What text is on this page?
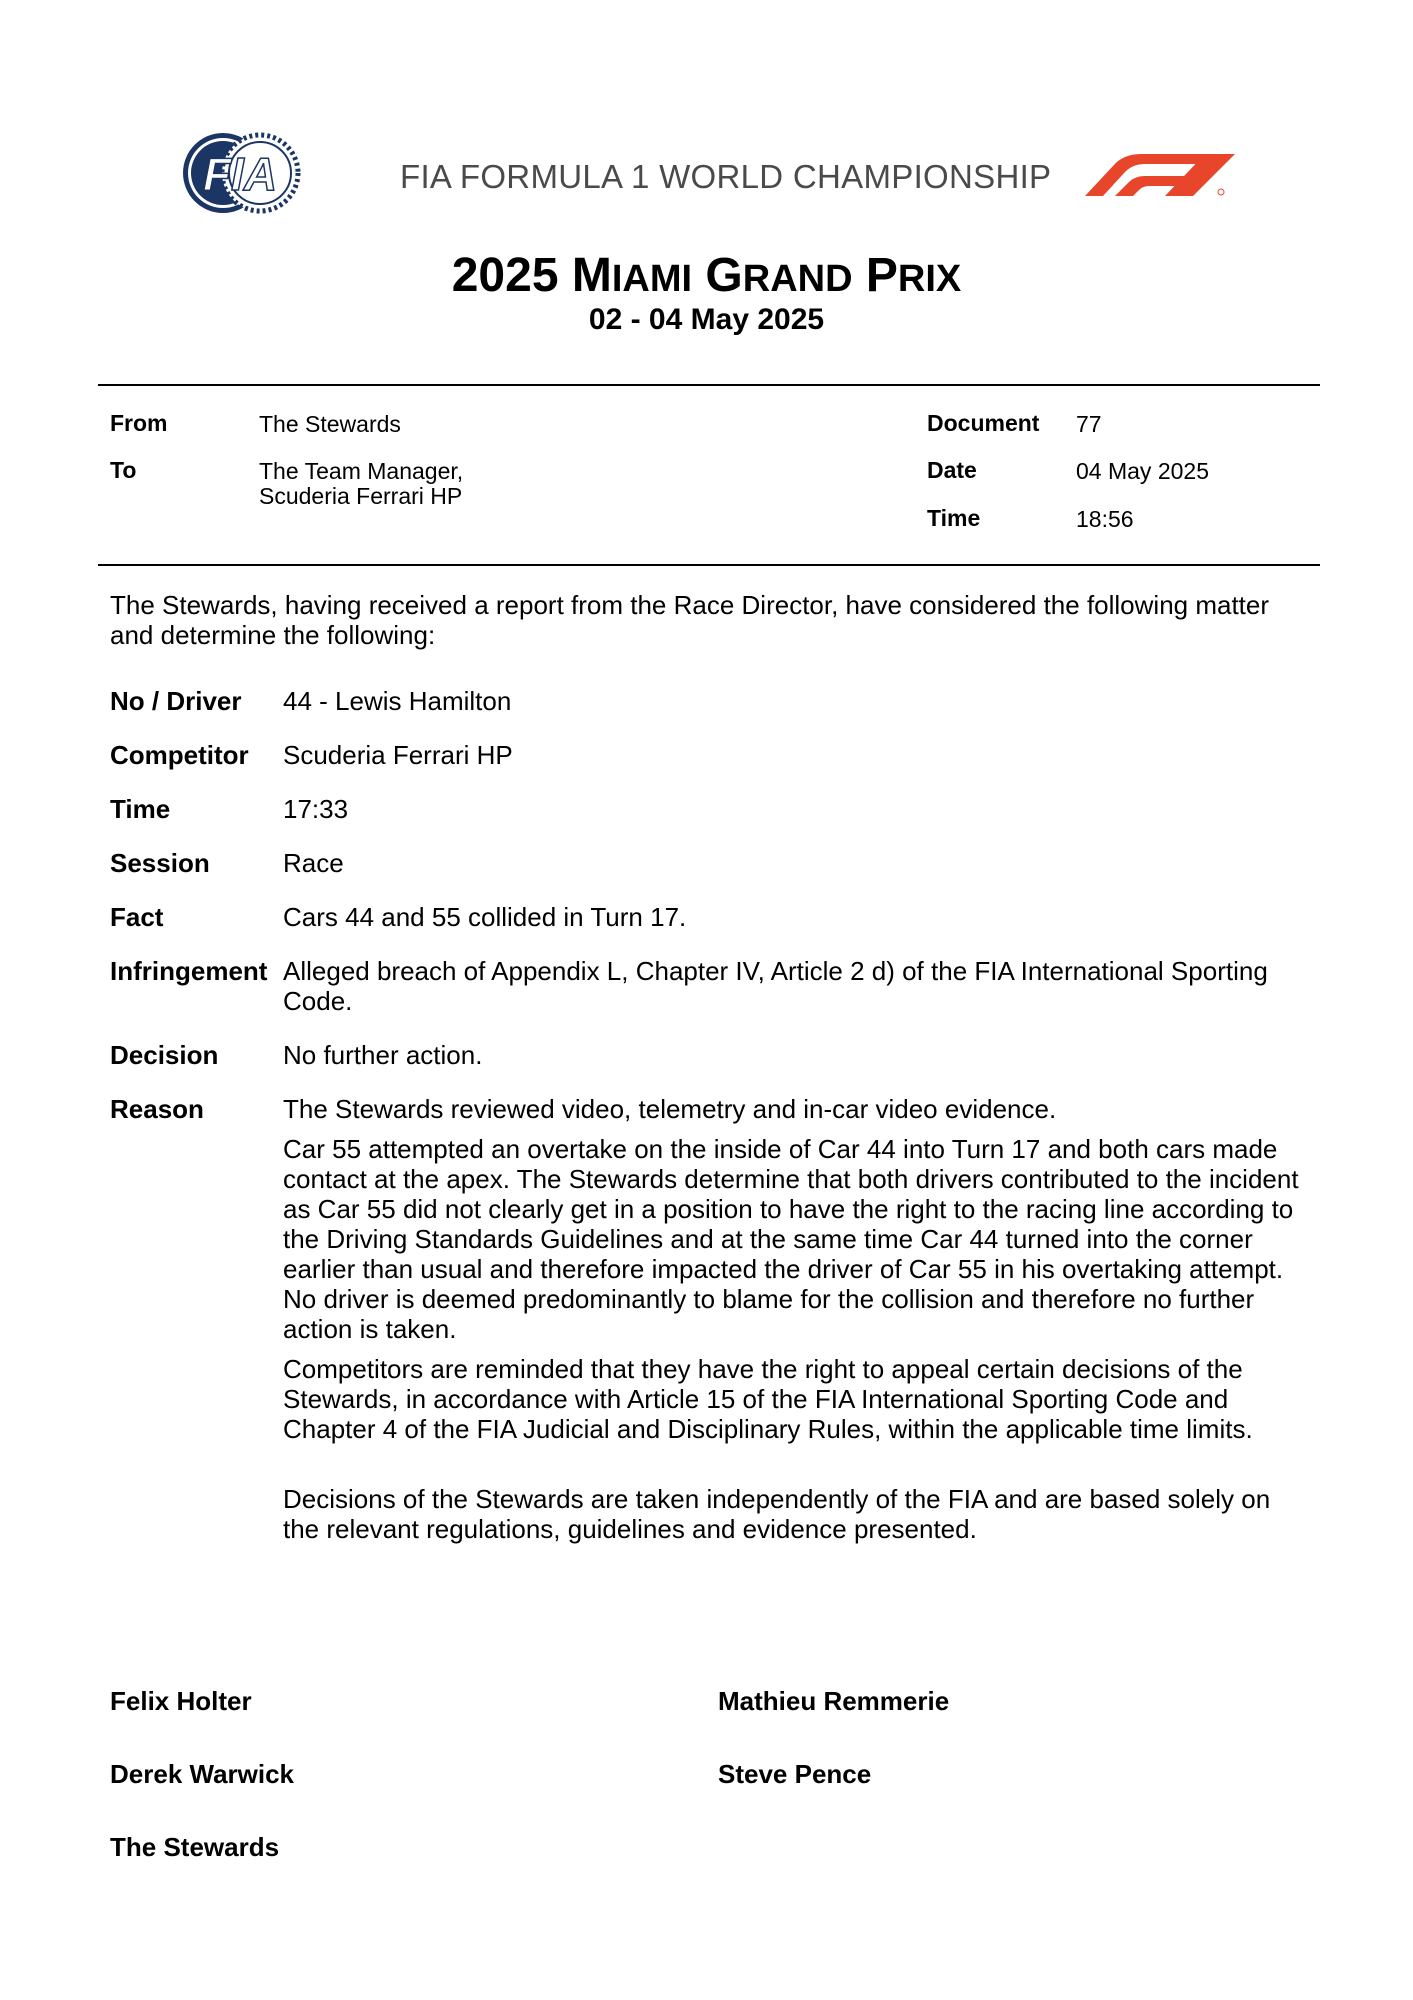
FIA	FIA FORMULA 1 WORLD CHAMPIONSHIP
2025 MIAMI GRAND PRIX
02 - 04 May 2025
From	The Stewards
To	The Team Manager,
Scuderia Ferrari HP
Document 77
Date	04 May 2025
Time	18:56
The Stewards, having received a report from the Race Director, have considered the following matter and determine the following:
No / Driver 44 - Lewis Hamilton
Competitor Scuderia Ferrari HP
Time	17:33
Session	Race
Fact	Cars 44 and 55 collided in Turn 17.
Infringement Alleged breach of Appendix L, Chapter IV, Article 2 d) of the FIA International Sporting Code.
Decision No further action.
Reason	The Stewards reviewed video, telemetry and in-car video evidence.

Car 55 attempted an overtake on the inside of Car 44 into Turn 17 and both cars made contact at the apex. The Stewards determine that both drivers contributed to the incident as Car 55 did not clearly get in a position to have the right to the racing line according to the Driving Standards Guidelines and at the same time Car 44 turned into the corner earlier than usual and therefore impacted the driver of Car 55 in his overtaking attempt. No driver is deemed predominantly to blame for the collision and therefore no further action is taken.

Competitors are reminded that they have the right to appeal certain decisions of the Stewards, in accordance with Article 15 of the FIA International Sporting Code and Chapter 4 of the FIA Judicial and Disciplinary Rules, within the applicable time limits.

Decisions of the Stewards are taken independently of the FIA and are based solely on the relevant regulations, guidelines and evidence presented.

Felix Holter	Mathieu Remmerie
Derek Warwick	Steve Pence
The Stewards
